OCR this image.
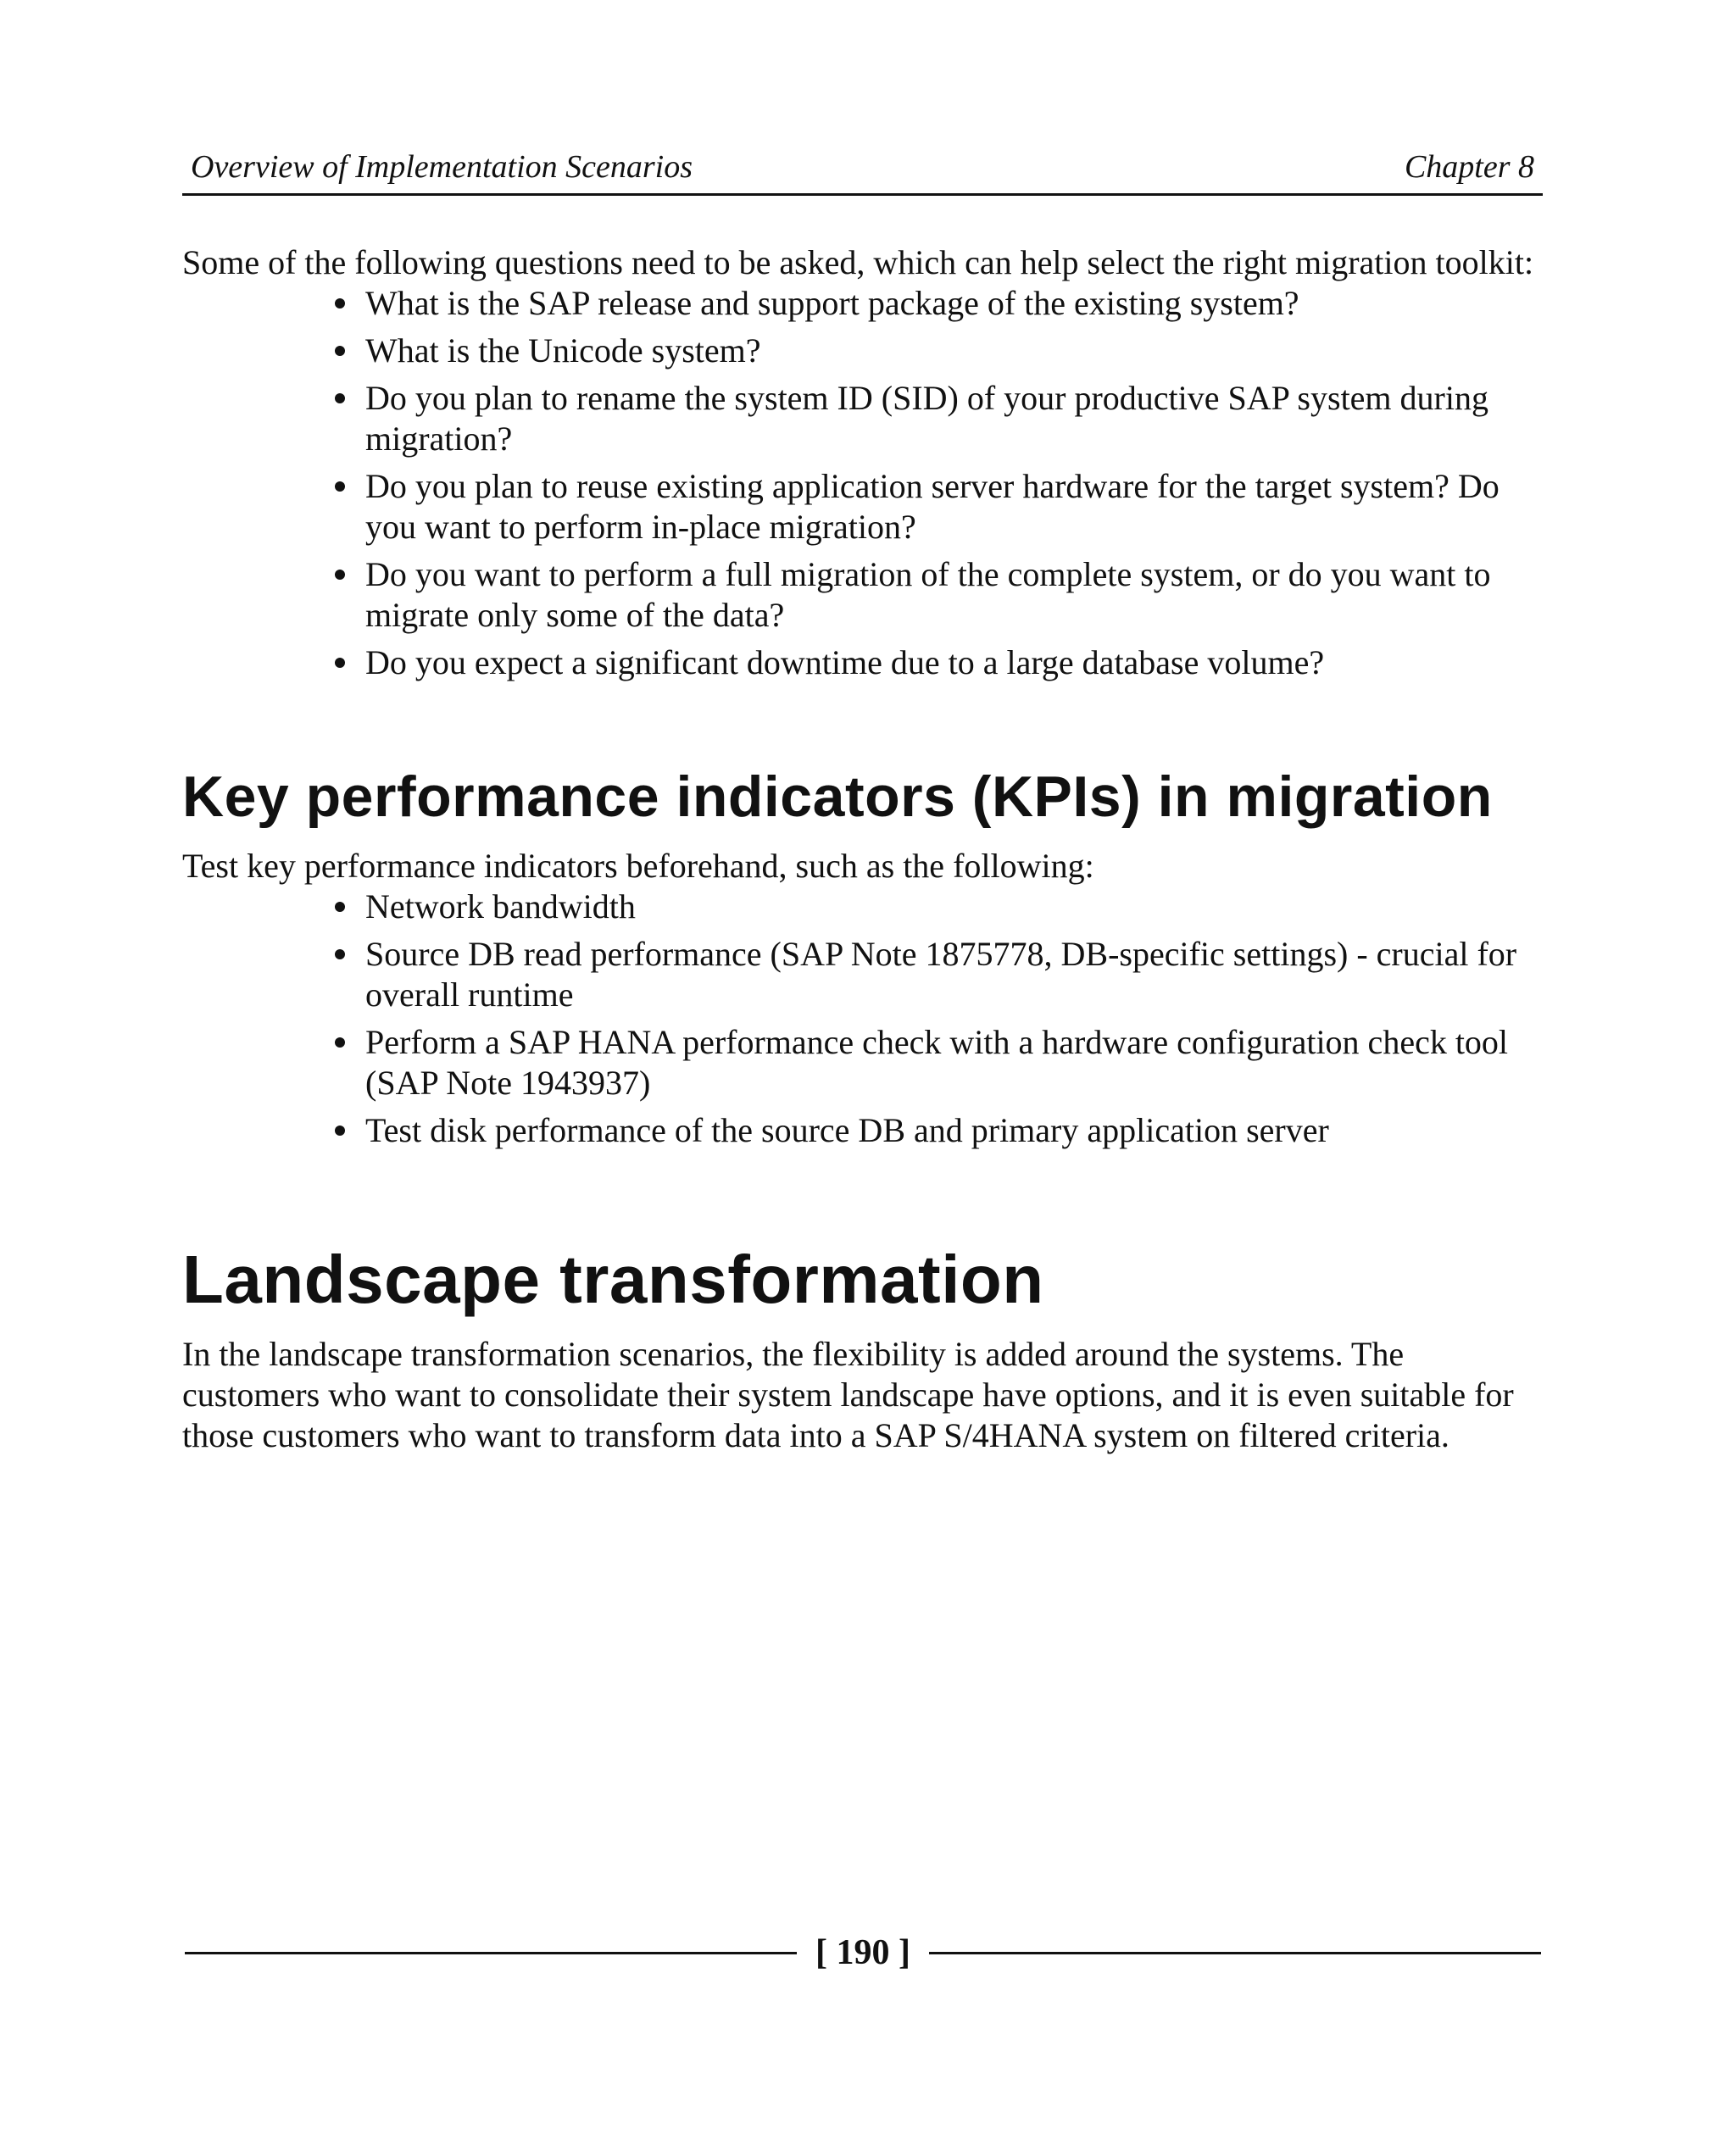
Overview of Implementation Scenarios	Chapter 8

Some of the following questions need to be asked, which can help select the right migration toolkit:

What is the SAP release and support package of the existing system?
What is the Unicode system?
Do you plan to rename the system ID (SID) of your productive SAP system during migration?
Do you plan to reuse existing application server hardware for the target system? Do you want to perform in-place migration?
Do you want to perform a full migration of the complete system, or do you want to migrate only some of the data?
Do you expect a significant downtime due to a large database volume?
Key performance indicators (KPIs) in migration

Test key performance indicators beforehand, such as the following:

Network bandwidth
Source DB read performance (SAP Note 1875778, DB-specific settings) - crucial for overall runtime
Perform a SAP HANA performance check with a hardware configuration check tool (SAP Note 1943937)
Test disk performance of the source DB and primary application server
Landscape transformation

In the landscape transformation scenarios, the flexibility is added around the systems. The customers who want to consolidate their system landscape have options, and it is even suitable for those customers who want to transform data into a SAP S/4HANA system on filtered criteria.

[ 190 ]
